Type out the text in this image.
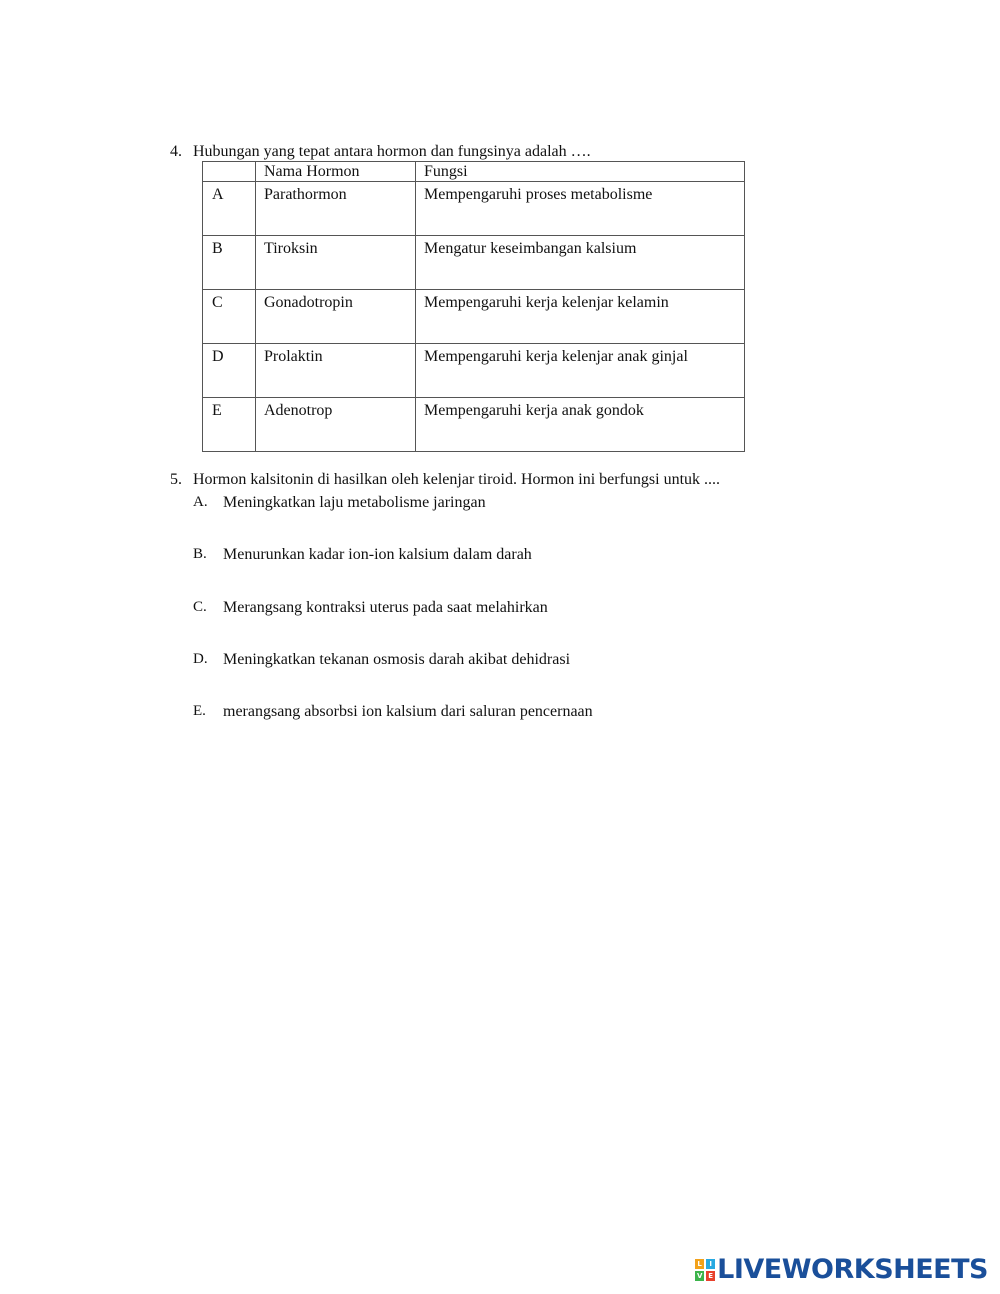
4. Hubungan yang tepat antara hormon dan fungsinya adalah ….
	Nama Hormon	Fungsi
A	Parathormon	Mempengaruhi proses metabolisme
B	Tiroksin	Mengatur keseimbangan kalsium
C	Gonadotropin	Mempengaruhi kerja kelenjar kelamin
D	Prolaktin	Mempengaruhi kerja kelenjar anak ginjal
E	Adenotrop	Mempengaruhi kerja anak gondok
5. Hormon kalsitonin di hasilkan oleh kelenjar tiroid. Hormon ini berfungsi untuk ....
A. Meningkatkan laju metabolisme jaringan
B.	Menurunkan kadar ion-ion kalsium dalam darah
C.	Merangsang kontraksi uterus pada saat melahirkan
D. Meningkatkan tekanan osmosis darah akibat dehidrasi
E.	merangsang absorbsi ion kalsium dari saluran pencernaan
L	I
V E LIVEWORKSHEETS
